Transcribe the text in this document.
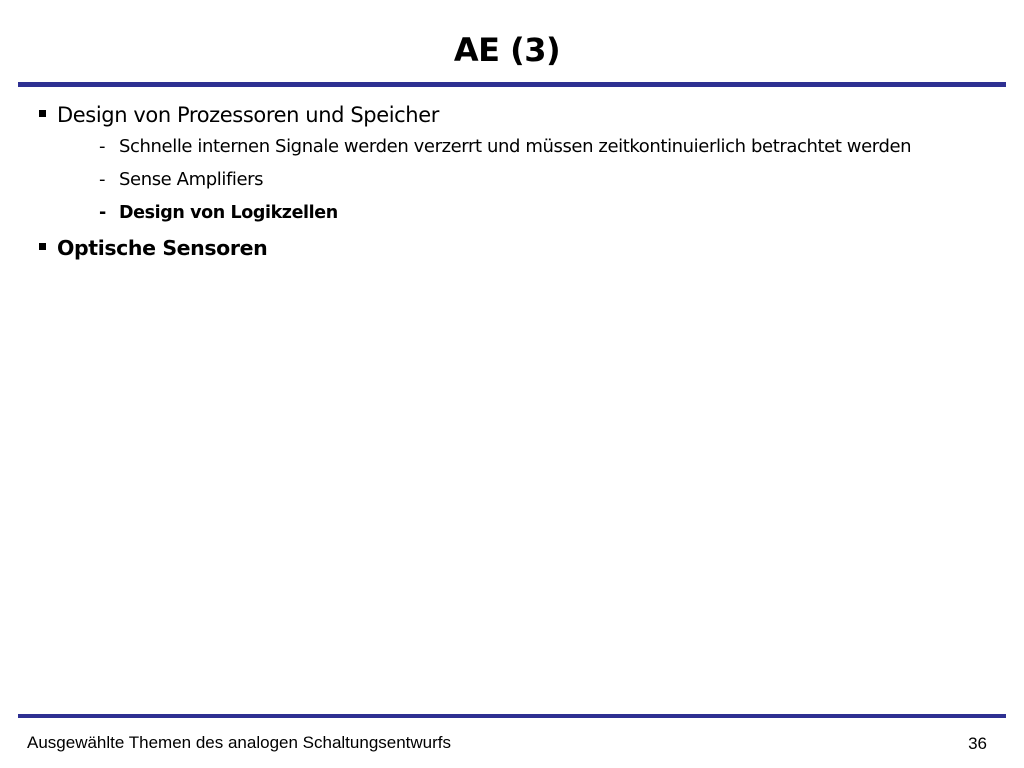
AE (3)
Design von Prozessoren und Speicher
- Schnelle internen Signale werden verzerrt und müssen zeitkontinuierlich betrachtet werden
- Sense Amplifiers
- Design von Logikzellen
Optische Sensoren
Ausgewählte Themen des analogen Schaltungsentwurfs	36
